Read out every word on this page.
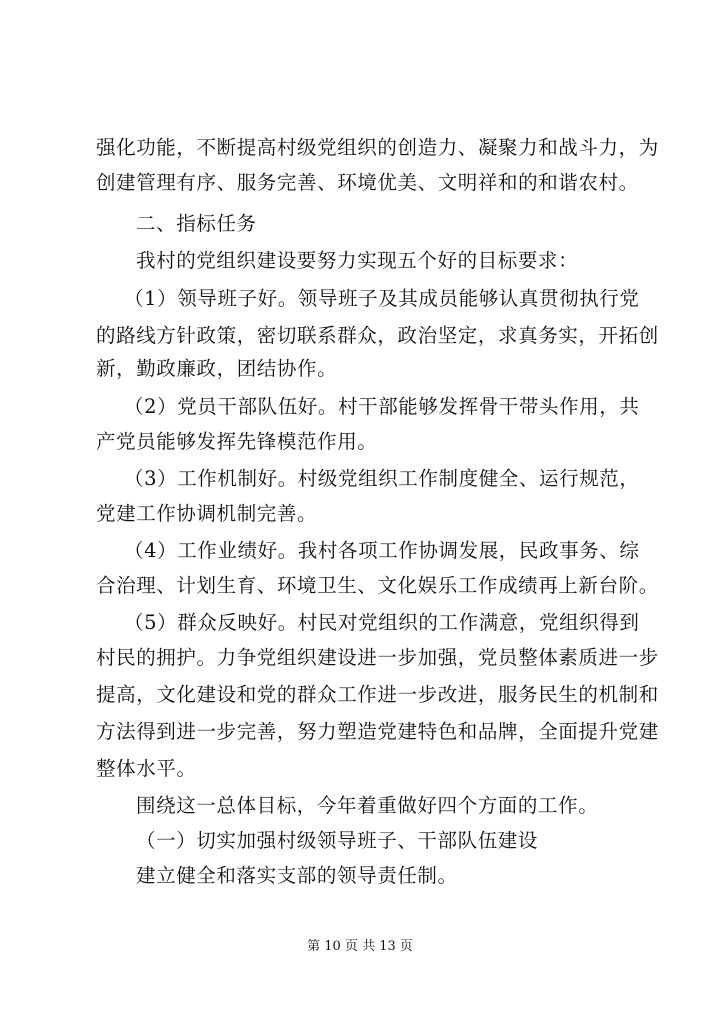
强化功能，不断提高村级党组织的创造力、凝聚力和战斗力，为
创建管理有序、服务完善、环境优美、文明祥和的和谐农村。
二、指标任务
我村的党组织建设要努力实现五个好的目标要求：
（1）领导班子好。领导班子及其成员能够认真贯彻执行党
的路线方针政策，密切联系群众，政治坚定，求真务实，开拓创
新，勤政廉政，团结协作。
（2）党员干部队伍好。村干部能够发挥骨干带头作用，共
产党员能够发挥先锋模范作用。
（3）工作机制好。村级党组织工作制度健全、运行规范，
党建工作协调机制完善。
（4）工作业绩好。我村各项工作协调发展，民政事务、综
合治理、计划生育、环境卫生、文化娱乐工作成绩再上新台阶。
（5）群众反映好。村民对党组织的工作满意，党组织得到
村民的拥护。力争党组织建设进一步加强，党员整体素质进一步
提高，文化建设和党的群众工作进一步改进，服务民生的机制和
方法得到进一步完善，努力塑造党建特色和品牌，全面提升党建
整体水平。
围绕这一总体目标，今年着重做好四个方面的工作。
（一）切实加强村级领导班子、干部队伍建设
建立健全和落实支部的领导责任制。
第 10 页 共 13 页
